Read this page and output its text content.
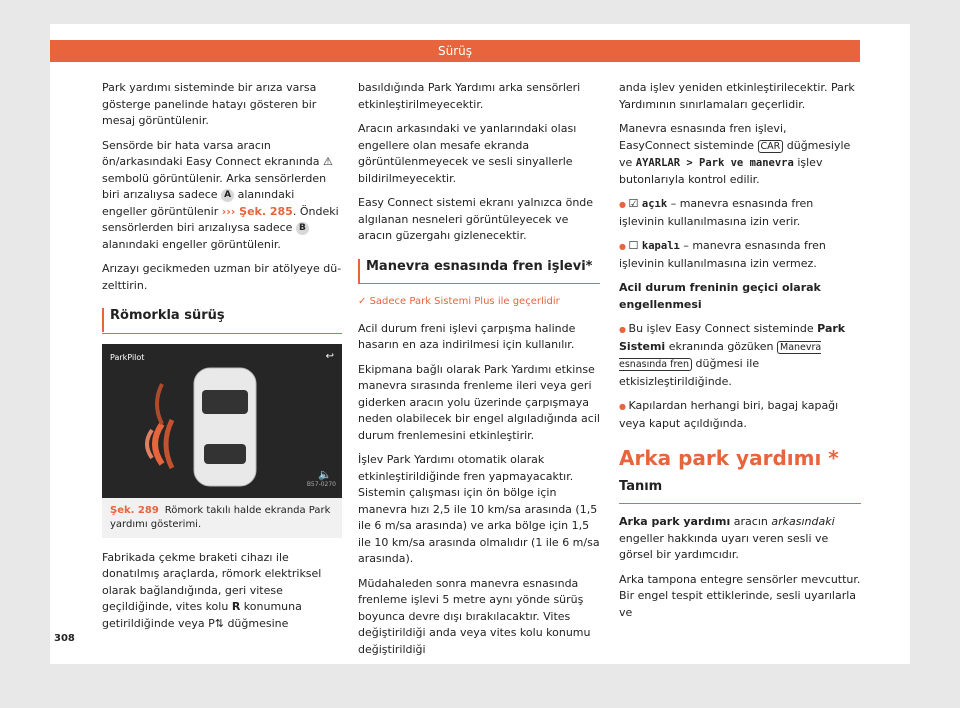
Sürüş

Park yardımı sisteminde bir arıza varsa gösterge panelinde hatayı gösteren bir mesaj görüntülenir.

Sensörde bir hata varsa aracın ön/arkasındaki Easy Connect ekranında ⚠ sembolü görüntülenir. Arka sensörlerden biri arızalıysa sadece A alanındaki engeller görüntülenir ››› Şek. 285. Öndeki sensörlerden biri arızalıysa sadece B alanındaki engeller görüntülenir.

Arızayı gecikmeden uzman bir atölyeye düzelttirin.

Römorkla sürüş
ParkPilot	↩
🔈
B57-0270
Şek. 289 Römork takılı halde ekranda Park yardımı gösterimi.

Fabrikada çekme braketi cihazı ile donatılmış araçlarda, römork elektriksel olarak bağlandığında, geri vitese geçildiğinde, vites kolu R konumuna getirildiğinde veya P⇅ düğmesine

basıldığında Park Yardımı arka sensörleri etkinleştirilmeyecektir.

Aracın arkasındaki ve yanlarındaki olası engellere olan mesafe ekranda görüntülenmeyecek ve sesli sinyallerle bildirilmeyecektir.

Easy Connect sistemi ekranı yalnızca önde algılanan nesneleri görüntüleyecek ve aracın güzergahı gizlenecektir.

Manevra esnasında fren işlevi*
✓ Sadece Park Sistemi Plus ile geçerlidir

Acil durum freni işlevi çarpışma halinde hasarın en aza indirilmesi için kullanılır.

Ekipmana bağlı olarak Park Yardımı etkinse manevra sırasında frenleme ileri veya geri giderken aracın yolu üzerinde çarpışmaya neden olabilecek bir engel algıladığında acil durum frenlemesini etkinleştirir.

İşlev Park Yardımı otomatik olarak etkinleştirildiğinde fren yapmayacaktır. Sistemin çalışması için ön bölge için manevra hızı 2,5 ile 10 km/sa arasında (1,5 ile 6 m/sa arasında) ve arka bölge için 1,5 ile 10 km/sa arasında olmalıdır (1 ile 6 m/sa arasında).

Müdahaleden sonra manevra esnasında frenleme işlevi 5 metre aynı yönde sürüş boyunca devre dışı bırakılacaktır. Vites değiştirildiği anda veya vites kolu konumu değiştirildiği

anda işlev yeniden etkinleştirilecektir. Park Yardımının sınırlamaları geçerlidir.

Manevra esnasında fren işlevi, EasyConnect sisteminde CAR düğmesiyle ve AYARLAR > Park ve manevra işlev butonlarıyla kontrol edilir.

● ☑ açık – manevra esnasında fren işlevinin kullanılmasına izin verir.

● ☐ kapalı – manevra esnasında fren işlevinin kullanılmasına izin vermez.

Acil durum freninin geçici olarak engellenmesi

● Bu işlev Easy Connect sisteminde Park Sistemi ekranında gözüken Manevra esnasında fren düğmesi ile etkisizleştirildiğinde.

● Kapılardan herhangi biri, bagaj kapağı veya kaput açıldığında.

Arka park yardımı *
Tanım

Arka park yardımı aracın arkasındaki engeller hakkında uyarı veren sesli ve görsel bir yardımcıdır.

Arka tampona entegre sensörler mevcuttur. Bir engel tespit ettiklerinde, sesli uyarılarla ve

308
